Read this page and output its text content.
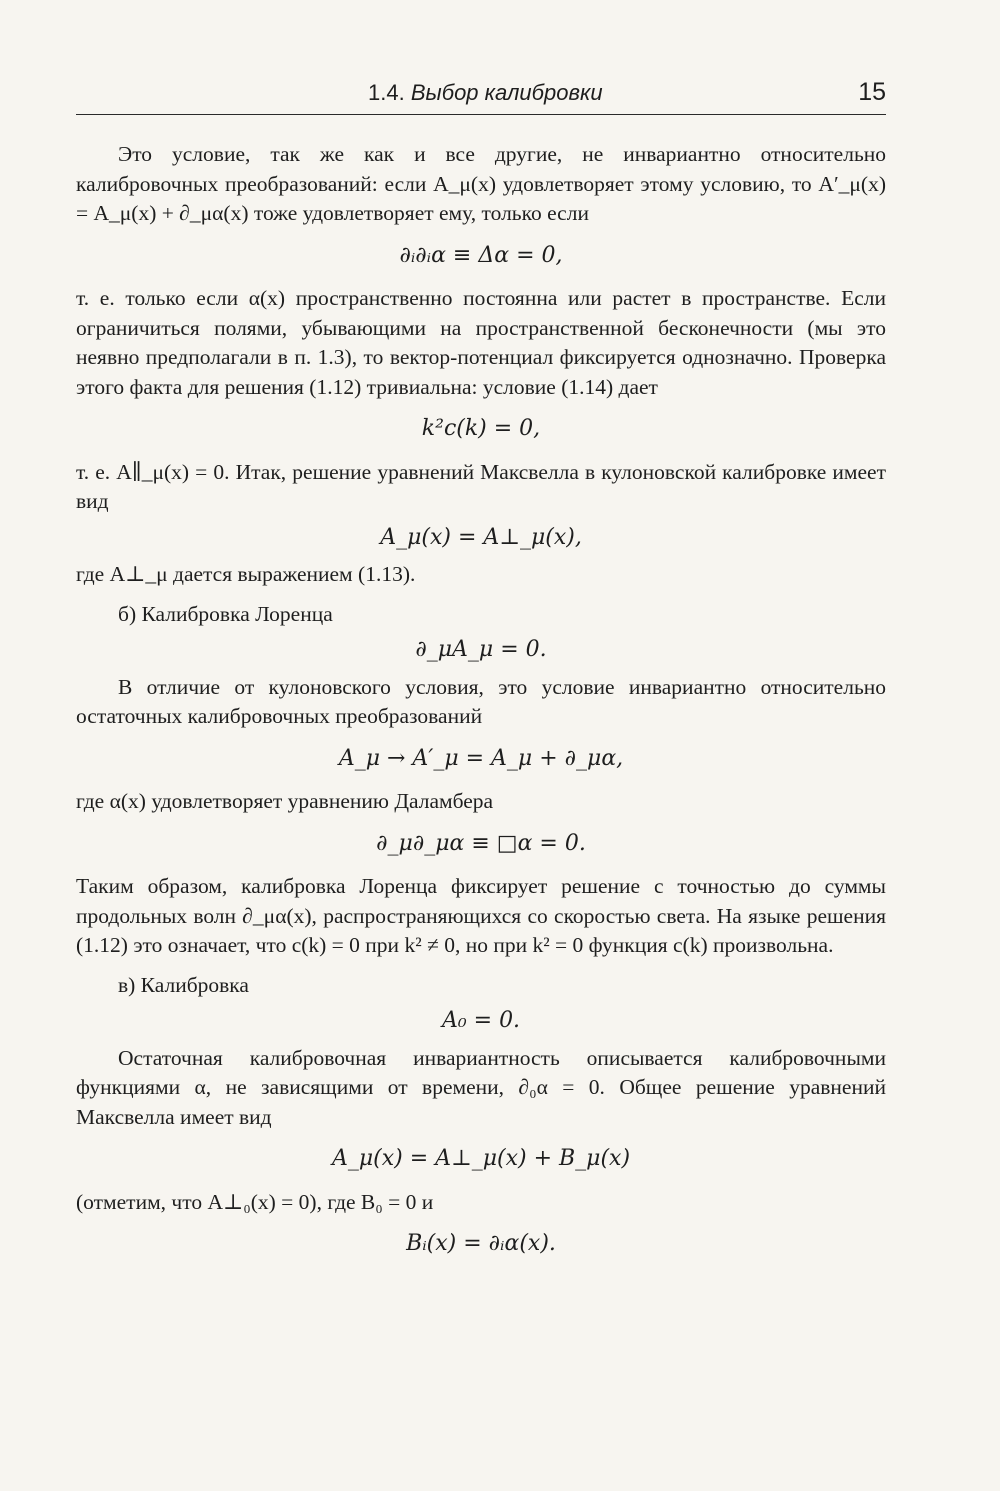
1.4. Выбор калибровки	15

Это условие, так же как и все другие, не инвариантно относительно калибровочных преобразований: если A_μ(x) удовлетворяет этому условию, то A′_μ(x) = A_μ(x) + ∂_μα(x) тоже удовлетворяет ему, только если

∂ᵢ∂ᵢα ≡ Δα = 0,

т. е. только если α(x) пространственно постоянна или растет в пространстве. Если ограничиться полями, убывающими на пространственной бесконечности (мы это неявно предполагали в п. 1.3), то вектор-потенциал фиксируется однозначно. Проверка этого факта для решения (1.12) тривиальна: условие (1.14) дает

k²c(k) = 0,

т. е. A∥_μ(x) = 0. Итак, решение уравнений Максвелла в кулоновской калибровке имеет вид

A_μ(x) = A⊥_μ(x),

где A⊥_μ дается выражением (1.13).

б) Калибровка Лоренца

∂_μA_μ = 0.

В отличие от кулоновского условия, это условие инвариантно относительно остаточных калибровочных преобразований

A_μ → A′_μ = A_μ + ∂_μα,

где α(x) удовлетворяет уравнению Даламбера

∂_μ∂_μα ≡ □α = 0.

Таким образом, калибровка Лоренца фиксирует решение с точностью до суммы продольных волн ∂_μα(x), распространяющихся со скоростью света. На языке решения (1.12) это означает, что c(k) = 0 при k² ≠ 0, но при k² = 0 функция c(k) произвольна.

в) Калибровка

A₀ = 0.

Остаточная калибровочная инвариантность описывается калибровочными функциями α, не зависящими от времени, ∂₀α = 0. Общее решение уравнений Максвелла имеет вид

A_μ(x) = A⊥_μ(x) + B_μ(x)

(отметим, что A⊥₀(x) = 0), где B₀ = 0 и

Bᵢ(x) = ∂ᵢα(x).
